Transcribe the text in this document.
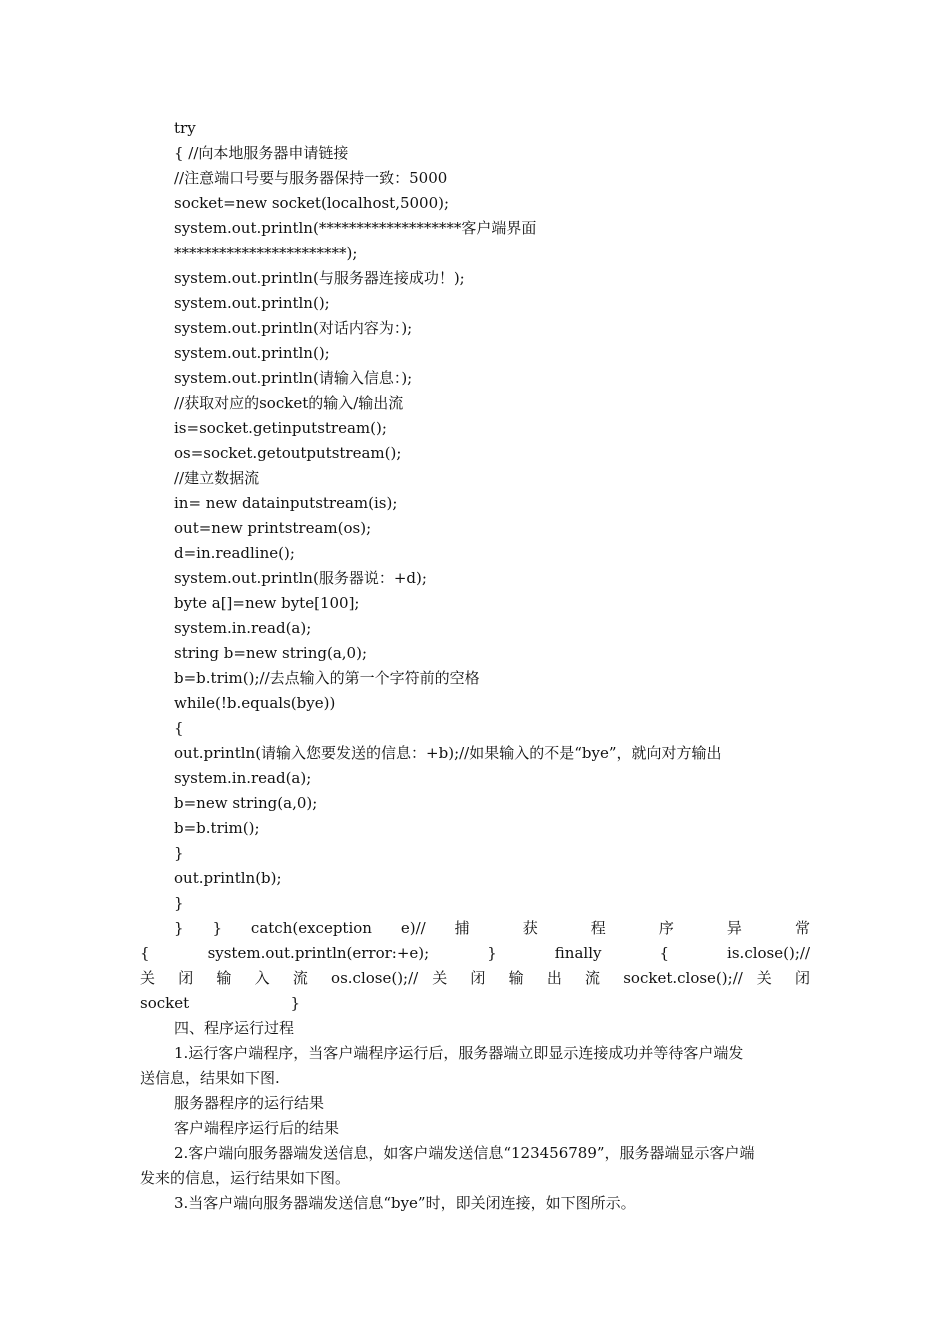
try
{ //向本地服务器申请链接
//注意端口号要与服务器保持一致：5000
socket=new socket(localhost,5000);
system.out.println(*******************客户端界面
***********************);
system.out.println(与服务器连接成功！);
system.out.println();
system.out.println(对话内容为：);
system.out.println();
system.out.println(请输入信息：);
//获取对应的socket的输入/输出流
is=socket.getinputstream();
os=socket.getoutputstream();
//建立数据流
in= new datainputstream(is);
out=new printstream(os);
d=in.readline();
system.out.println(服务器说：+d);
byte a[]=new byte[100];
system.in.read(a);
string b=new string(a,0);
b=b.trim();//去点输入的第一个字符前的空格
while(!b.equals(bye))
{
out.println(请输入您要发送的信息：+b);//如果输入的不是“bye”，就向对方输出
system.in.read(a);
b=new string(a,0);
b=b.trim();
}
out.println(b);
}
} } catch(exception e)// 捕 获 程 序 异 常
{ system.out.println(error:+e); } finally { is.close();//
关 闭 输 入 流 os.close();// 关 闭 输 出 流 socket.close();// 关 闭
socket }
四、程序运行过程
1.运行客户端程序，当客户端程序运行后，服务器端立即显示连接成功并等待客户端发
送信息，结果如下图.
服务器程序的运行结果
客户端程序运行后的结果
2.客户端向服务器端发送信息，如客户端发送信息“123456789”，服务器端显示客户端
发来的信息，运行结果如下图。
3.当客户端向服务器端发送信息“bye”时，即关闭连接，如下图所示。
